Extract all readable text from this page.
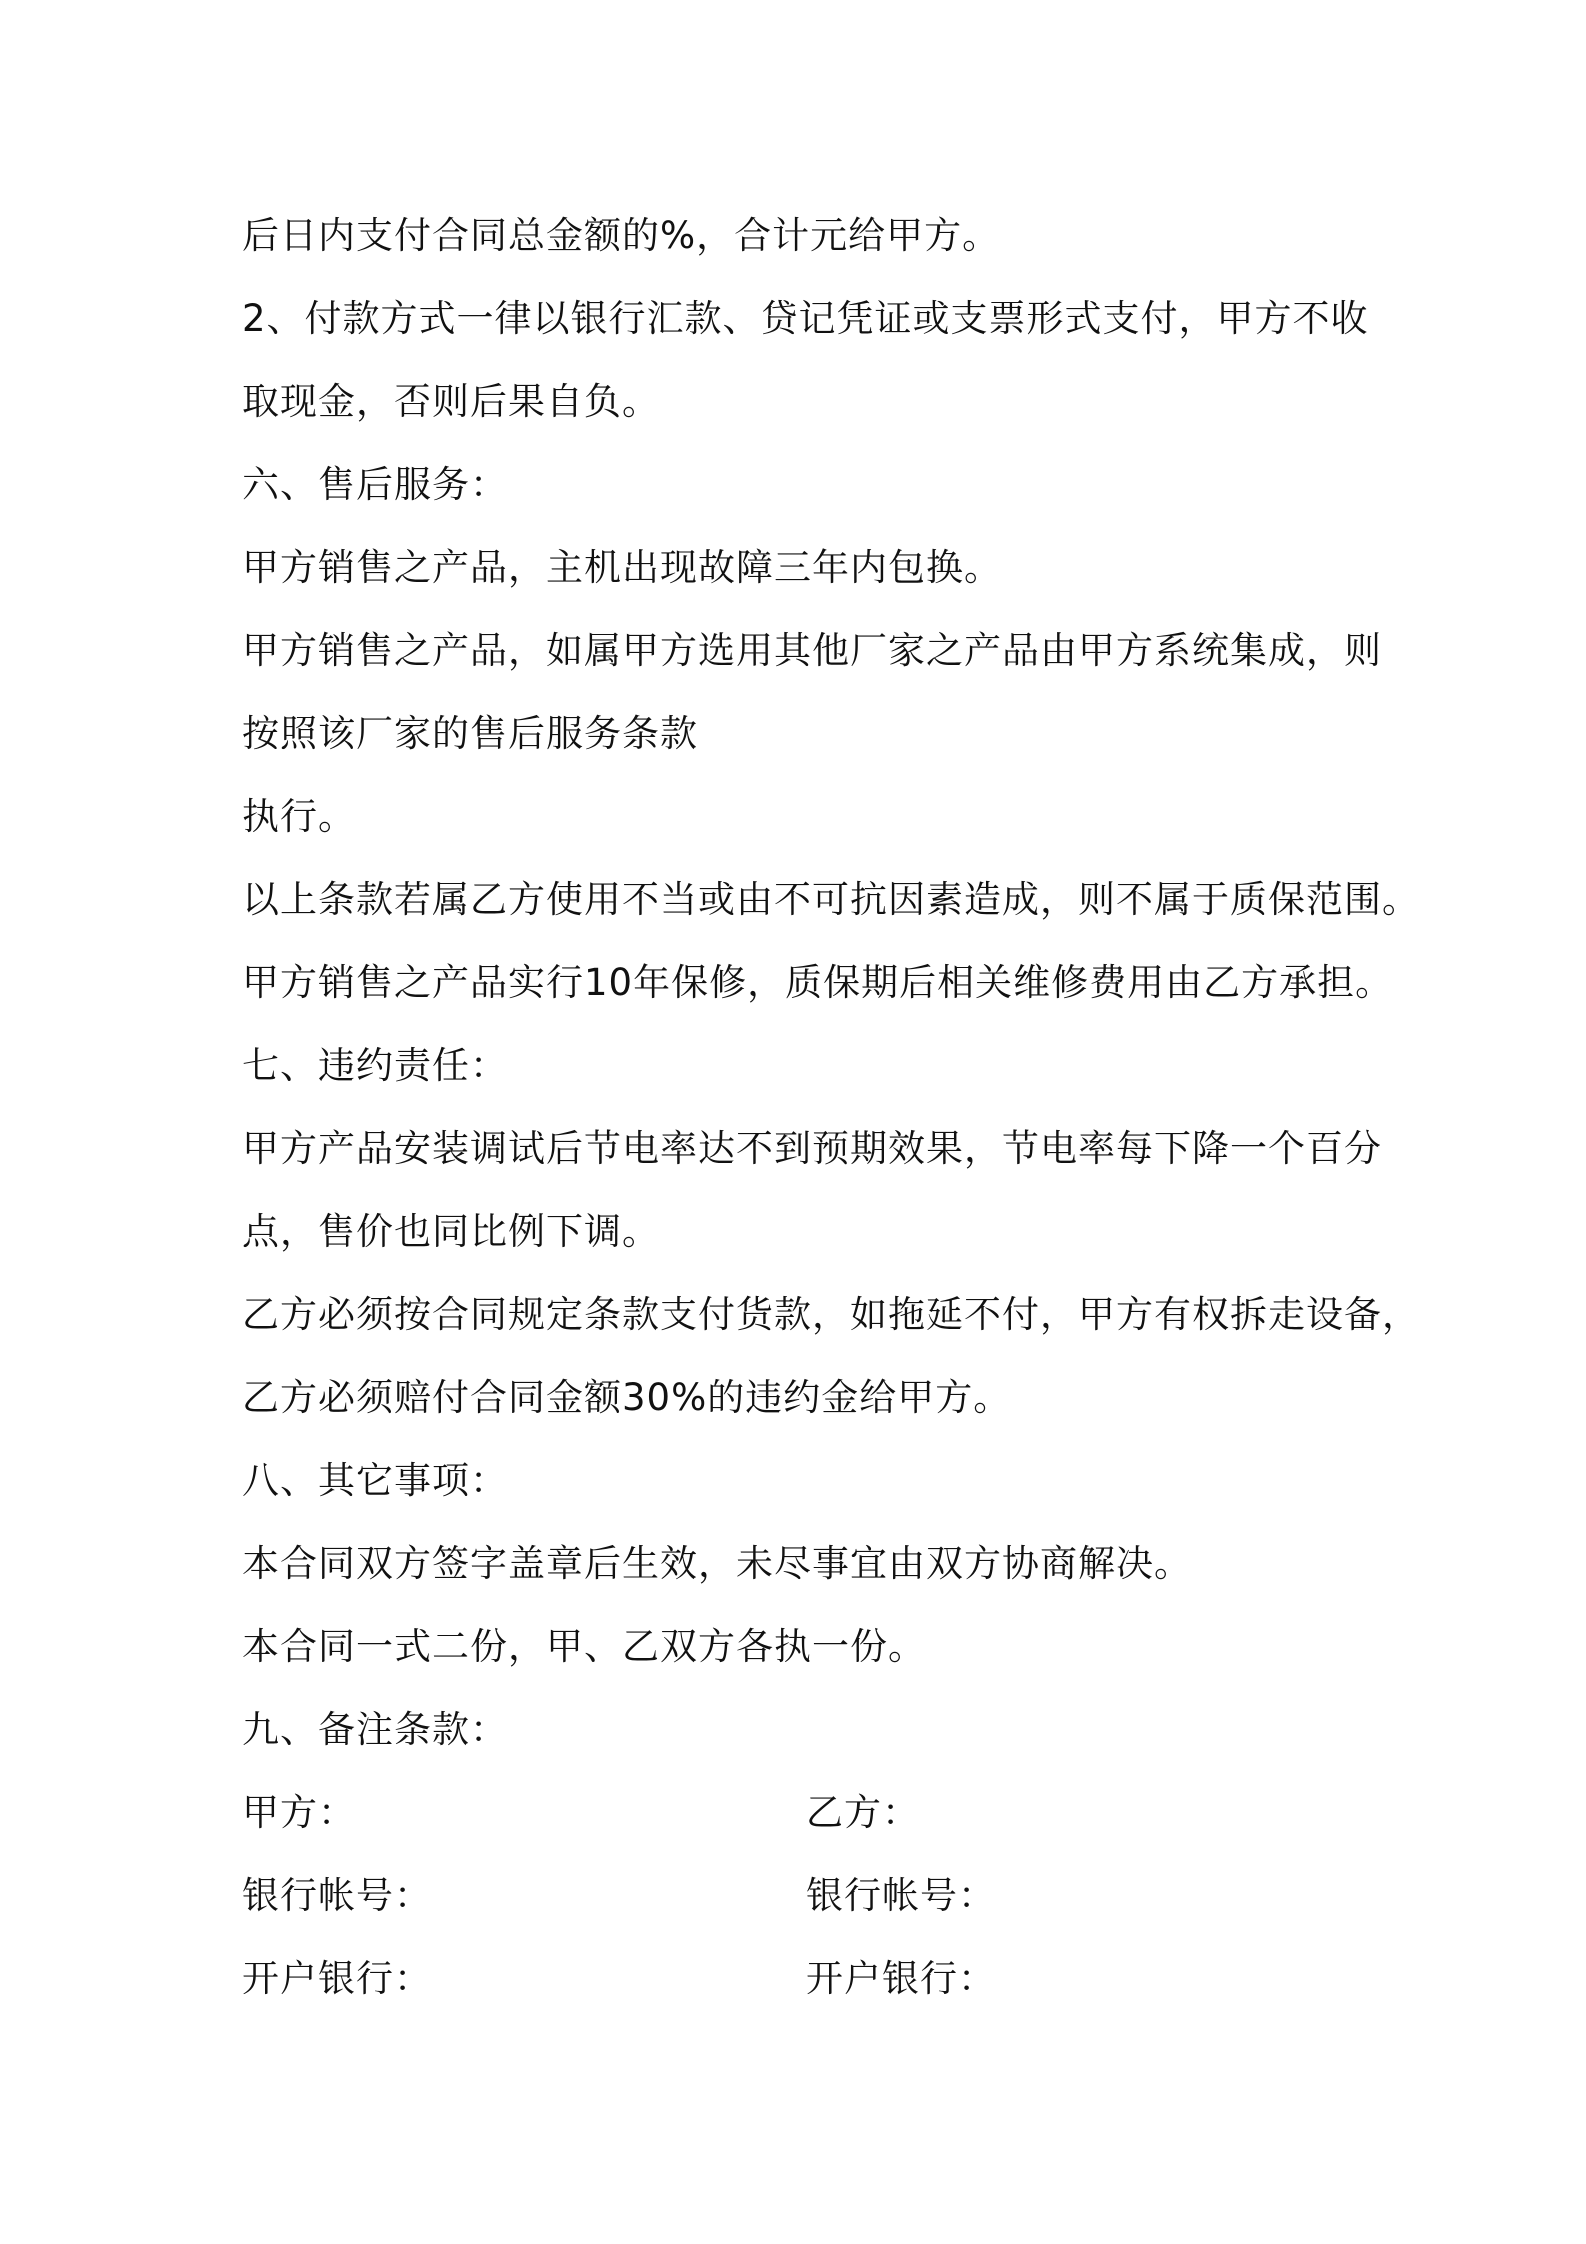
后日内支付合同总金额的%，合计元给甲方。
2、付款方式一律以银行汇款、贷记凭证或支票形式支付，甲方不收
取现金，否则后果自负。
六、售后服务：
甲方销售之产品，主机出现故障三年内包换。
甲方销售之产品，如属甲方选用其他厂家之产品由甲方系统集成，则
按照该厂家的售后服务条款
执行。
以上条款若属乙方使用不当或由不可抗因素造成，则不属于质保范围。
甲方销售之产品实行10年保修，质保期后相关维修费用由乙方承担。
七、违约责任：
甲方产品安装调试后节电率达不到预期效果，节电率每下降一个百分
点，售价也同比例下调。
乙方必须按合同规定条款支付货款，如拖延不付，甲方有权拆走设备，
乙方必须赔付合同金额30%的违约金给甲方。
八、其它事项：
本合同双方签字盖章后生效，未尽事宜由双方协商解决。
本合同一式二份，甲、乙双方各执一份。
九、备注条款：
甲方：	乙方：
银行帐号：	银行帐号：
开户银行：	开户银行：
